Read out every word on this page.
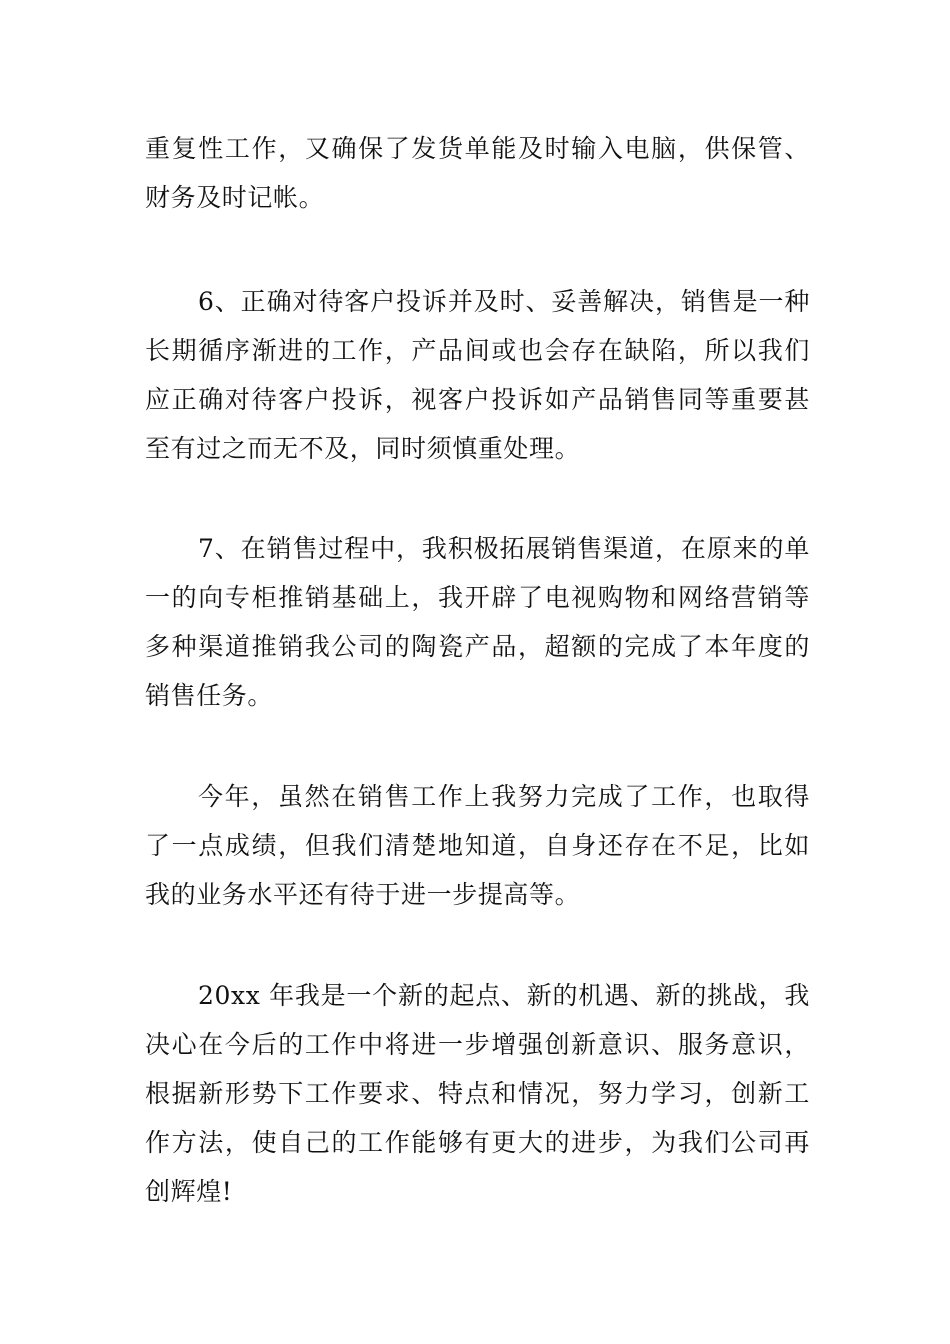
重复性工作，又确保了发货单能及时输入电脑，供保管、财务及时记帐。

6、正确对待客户投诉并及时、妥善解决，销售是一种长期循序渐进的工作，产品间或也会存在缺陷，所以我们应正确对待客户投诉，视客户投诉如产品销售同等重要甚至有过之而无不及，同时须慎重处理。

7、在销售过程中，我积极拓展销售渠道，在原来的单一的向专柜推销基础上，我开辟了电视购物和网络营销等多种渠道推销我公司的陶瓷产品，超额的完成了本年度的销售任务。

今年，虽然在销售工作上我努力完成了工作，也取得了一点成绩，但我们清楚地知道，自身还存在不足，比如我的业务水平还有待于进一步提高等。

20xx 年我是一个新的起点、新的机遇、新的挑战，我决心在今后的工作中将进一步增强创新意识、服务意识，根据新形势下工作要求、特点和情况，努力学习，创新工作方法，使自己的工作能够有更大的进步，为我们公司再创辉煌!
